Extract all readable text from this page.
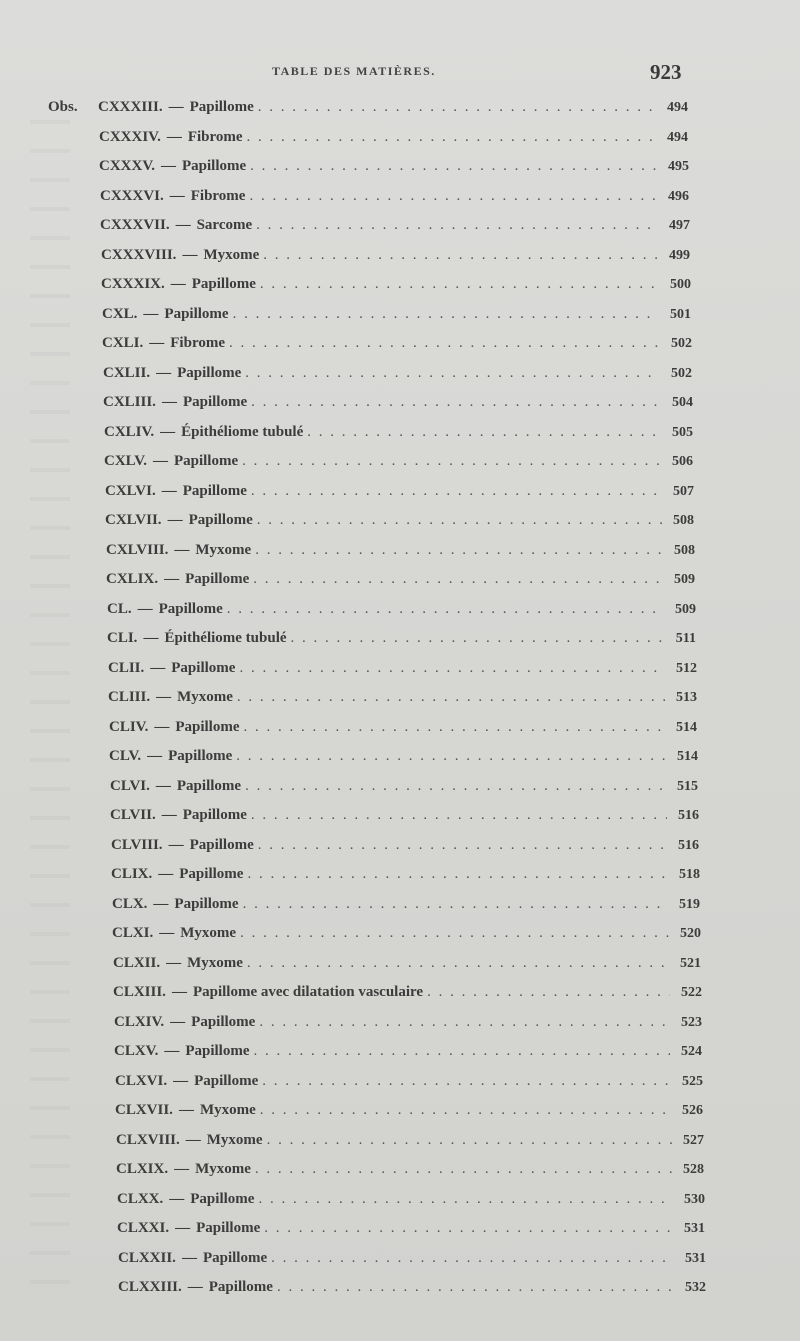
TABLE DES MATIÈRES.	923
Obs. CXXXIII. — Papillome . . .	494
CXXXIV. — Fibrome . . .	494
CXXXV. — Papillome . . .	495
CXXXVI. — Fibrome . . .	496
CXXXVII. — Sarcome . . .	497
CXXXVIII. — Myxome . . .	499
CXXXIX. — Papillome . . .	500
CXL. — Papillome . . .	501
CXLI. — Fibrome . . .	502
CXLII. — Papillome . . .	502
CXLIII. — Papillome . . .	504
CXLIV. — Épithéliome tubulé . . .	505
CXLV. — Papillome . . .	506
CXLVI. — Papillome . . .	507
CXLVII. — Papillome . . .	508
CXLVIII. — Myxome . . .	508
CXLIX. — Papillome . . .	509
CL. — Papillome . . .	509
CLI. — Épithéliome tubulé . . .	511
CLII. — Papillome . . .	512
CLIII. — Myxome . . .	513
CLIV. — Papillome . . .	514
CLV. — Papillome . . .	514
CLVI. — Papillome . . .	515
CLVII. — Papillome . . .	516
CLVIII. — Papillome . . .	516
CLIX. — Papillome . . .	518
CLX. — Papillome . . .	519
CLXI. — Myxome . . .	520
CLXII. — Myxome . . .	521
CLXIII. — Papillome avec dilatation vasculaire . . .	522
CLXIV. — Papillome . . .	523
CLXV. — Papillome . . .	524
CLXVI. — Papillome . . .	525
CLXVII. — Myxome . . .	526
CLXVIII. — Myxome . . .	527
CLXIX. — Myxome . . .	528
CLXX. — Papillome . . .	530
CLXXI. — Papillome . . .	531
CLXXII. — Papillome . . .	531
CLXXIII. — Papillome . . .	532
